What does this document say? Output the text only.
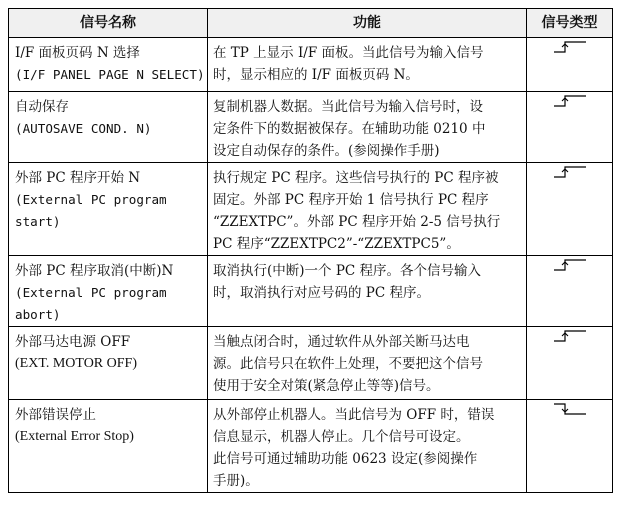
信号名称	功能	信号类型

I/F 面板页码 N 选择
(I/F PANEL PAGE N SELECT)	在 TP 上显示 I/F 面板。当此信号为输入信号
时，显示相应的 I/F 面板页码 N。

自动保存
(AUTOSAVE COND. N)	复制机器人数据。当此信号为输入信号时，设
定条件下的数据被保存。在辅助功能 0210 中
设定自动保存的条件。(参阅操作手册)

外部 PC 程序开始 N
(External PC program
start)	执行规定 PC 程序。这些信号执行的 PC 程序被
固定。外部 PC 程序开始 1 信号执行 PC 程序
“ZZEXTPC”。外部 PC 程序开始 2-5 信号执行
PC 程序“ZZEXTPC2”-“ZZEXTPC5”。

外部 PC 程序取消(中断)N
(External PC program
abort)	取消执行(中断)一个 PC 程序。各个信号输入
时，取消执行对应号码的 PC 程序。

外部马达电源 OFF
(EXT. MOTOR OFF)	当触点闭合时，通过软件从外部关断马达电
源。此信号只在软件上处理，不要把这个信号
使用于安全对策(紧急停止等等)信号。

外部错误停止
(External Error Stop)	从外部停止机器人。当此信号为 OFF 时，错误
信息显示，机器人停止。几个信号可设定。
此信号可通过辅助功能 0623 设定(参阅操作
手册)。
